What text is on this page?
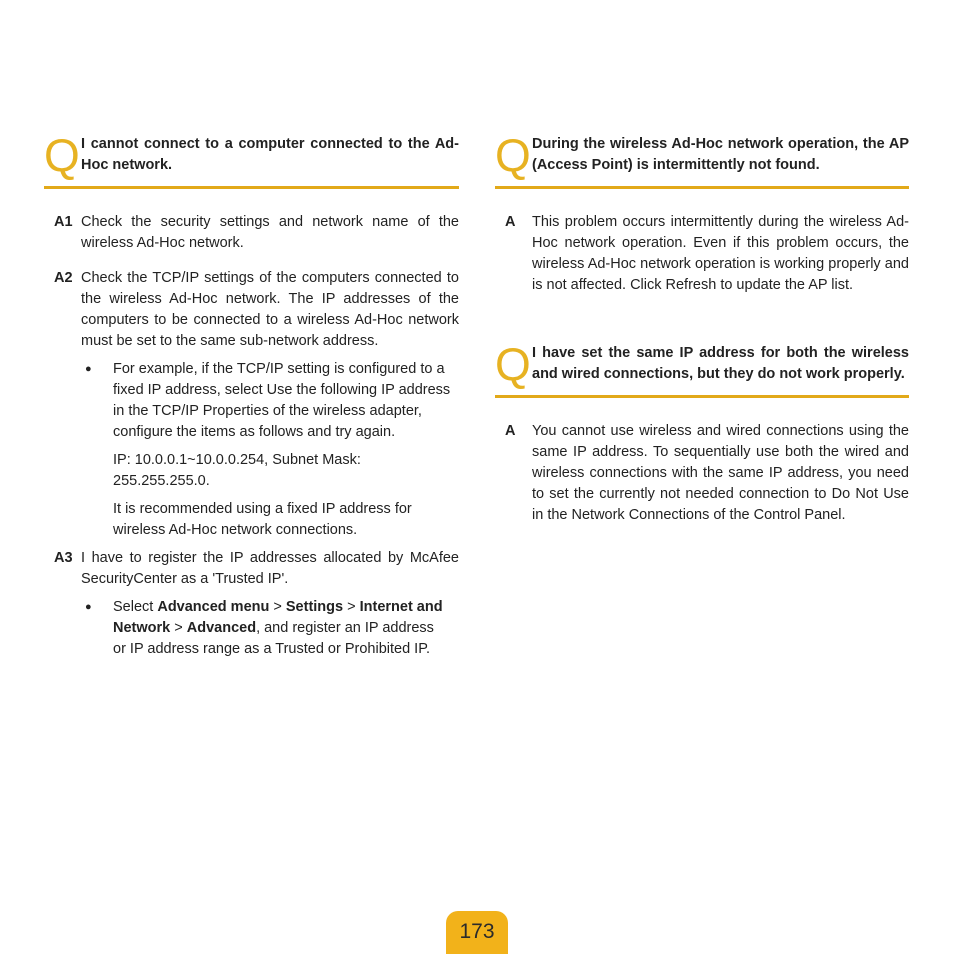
Q I cannot connect to a computer connected to the Ad-Hoc network.
A1 Check the security settings and network name of the wireless Ad-Hoc network.
A2 Check the TCP/IP settings of the computers connected to the wireless Ad-Hoc network. The IP addresses of the computers to be connected to a wireless Ad-Hoc network must be set to the same sub-network address.
● For example, if the TCP/IP setting is configured to a fixed IP address, select Use the following IP address in the TCP/IP Properties of the wireless adapter, configure the items as follows and try again.
IP: 10.0.0.1~10.0.0.254, Subnet Mask: 255.255.255.0.
It is recommended using a fixed IP address for wireless Ad-Hoc network connections.
A3 I have to register the IP addresses allocated by McAfee SecurityCenter as a 'Trusted IP'.
● Select Advanced menu > Settings > Internet and Network > Advanced, and register an IP address or IP address range as a Trusted or Prohibited IP.
Q During the wireless Ad-Hoc network operation, the AP (Access Point) is intermittently not found.
A This problem occurs intermittently during the wireless Ad-Hoc network operation. Even if this problem occurs, the wireless Ad-Hoc network operation is working properly and is not affected. Click Refresh to update the AP list.
Q I have set the same IP address for both the wireless and wired connections, but they do not work properly.
A You cannot use wireless and wired connections using the same IP address. To sequentially use both the wired and wireless connections with the same IP address, you need to set the currently not needed connection to Do Not Use in the Network Connections of the Control Panel.
173
